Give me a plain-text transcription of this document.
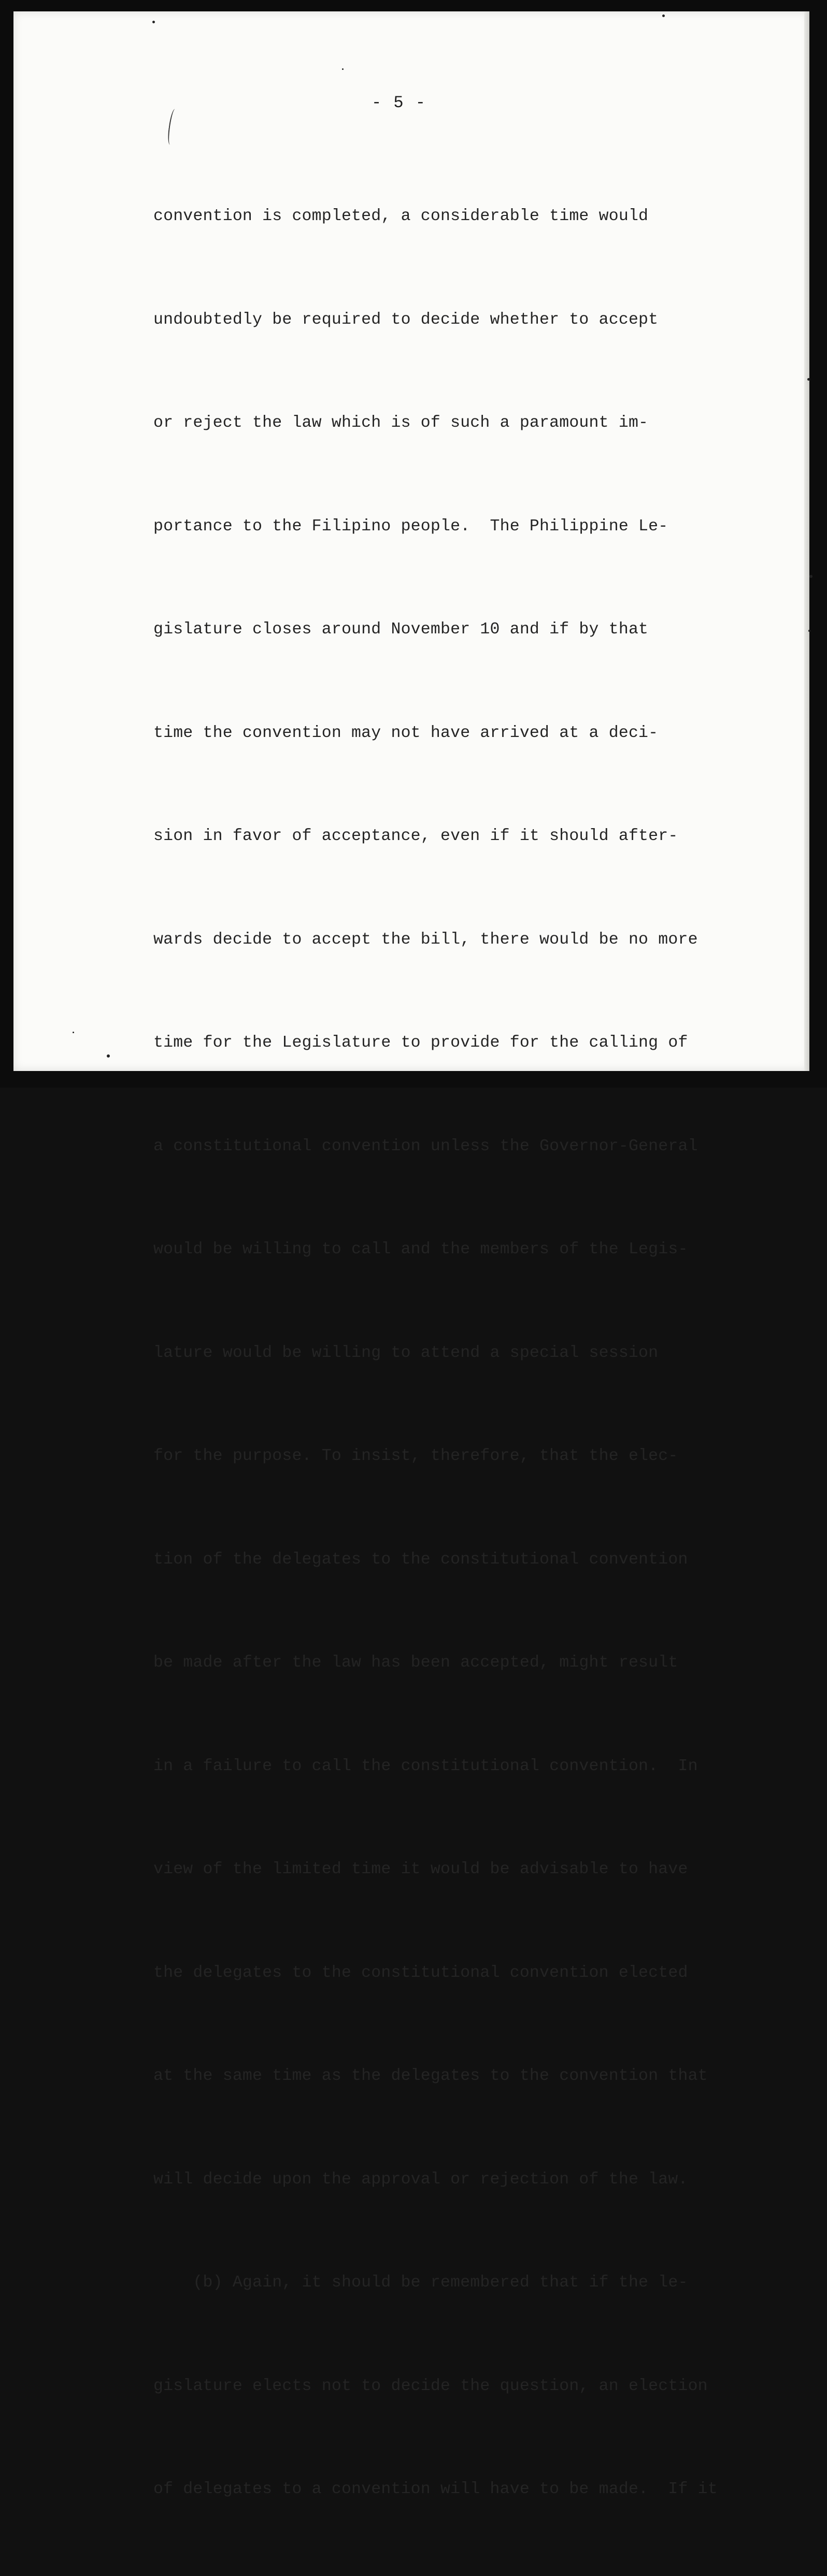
- 5 -

convention is completed, a considerable time would

undoubtedly be required to decide whether to accept

or reject the law which is of such a paramount im-

portance to the Filipino people.  The Philippine Le-

gislature closes around November 10 and if by that

time the convention may not have arrived at a deci-

sion in favor of acceptance, even if it should after-

wards decide to accept the bill, there would be no more

time for the Legislature to provide for the calling of

a constitutional convention unless the Governor-General

would be willing to call and the members of the Legis-

lature would be willing to attend a special session

for the purpose. To insist, therefore, that the elec-

tion of the delegates to the constitutional convention

be made after the law has been accepted, might result

in a failure to call the constitutional convention.  In

view of the limited time it would be advisable to have

the delegates to the constitutional convention elected

at the same time as the delegates to the convention that

will decide upon the approval or rejection of the law.

(b) Again, it should be remembered that if the le-

gislature elects not to decide the question, an election

of delegates to a convention will have to be made.  If it
